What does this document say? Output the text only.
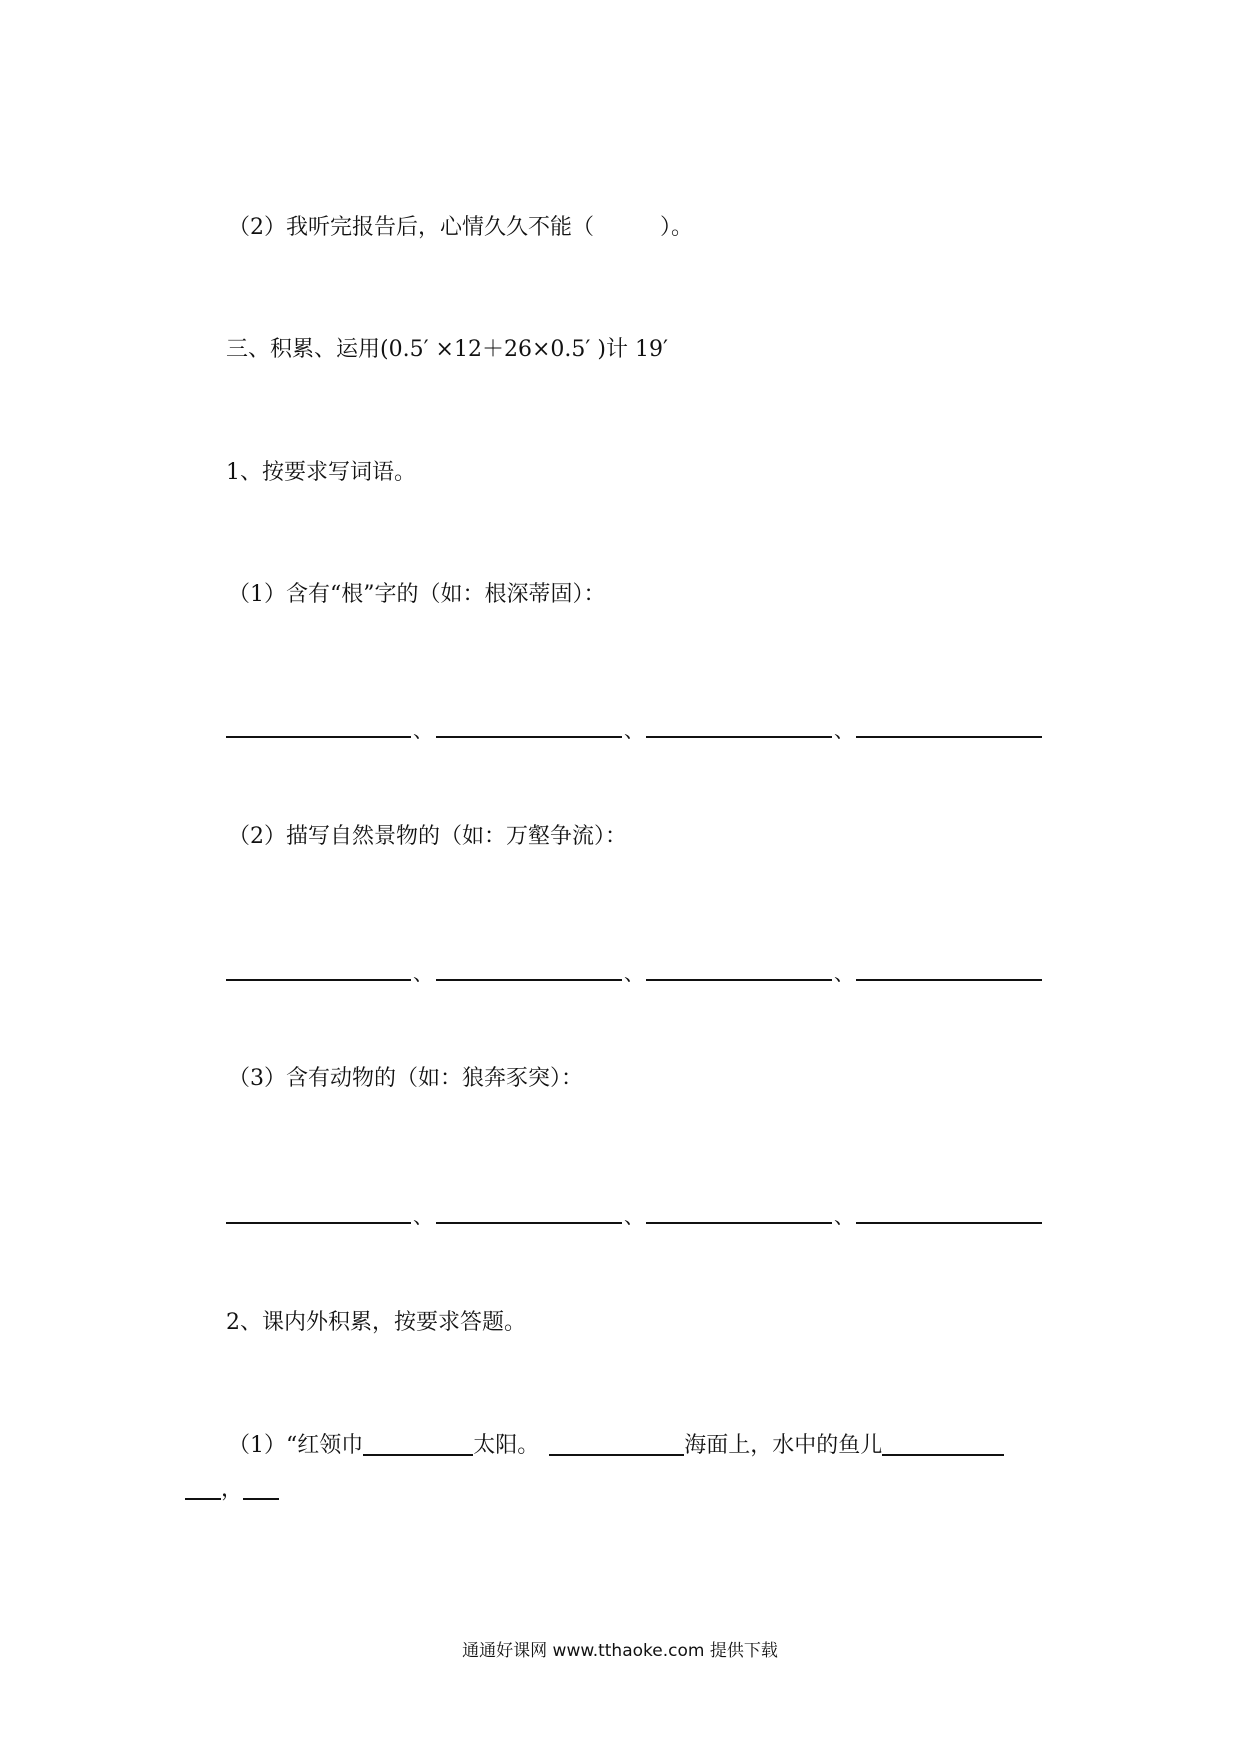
（2）我听完报告后，心情久久不能（　　　）。
三、积累、运用(0.5′ ×12＋26×0.5′ )计 19′
1、按要求写词语。
（1）含有“根”字的（如：根深蒂固）：
、	、	、
（2）描写自然景物的（如：万壑争流）：
、	、	、
（3）含有动物的（如：狼奔豕突）：
、	、	、
2、课内外积累，按要求答题。
（1）“红领巾	太阳。	海面上，水中的鱼儿
，
通通好课网 www.tthaoke.com 提供下载
